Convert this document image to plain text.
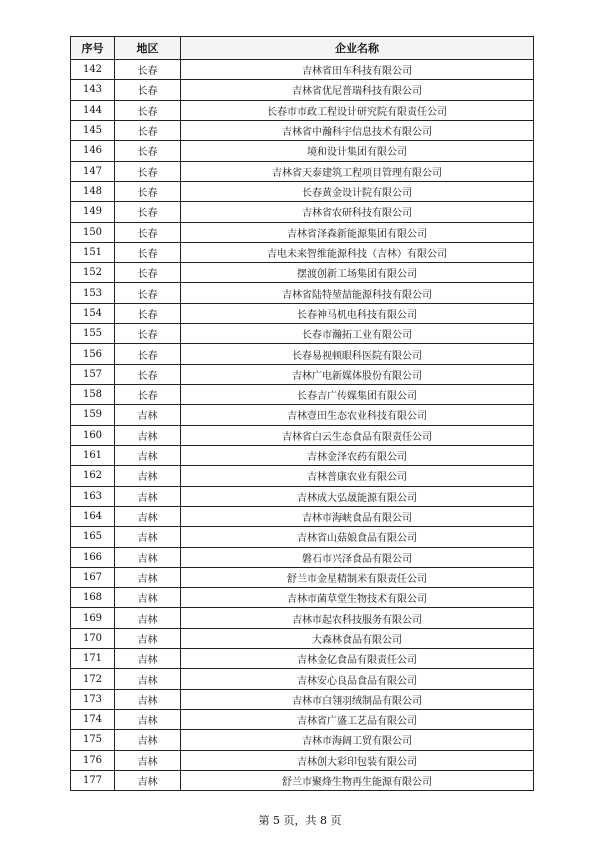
序号	地区	企业名称
142	长春	吉林省田车科技有限公司
143	长春	吉林省优尼普瑞科技有限公司
144	长春	长春市市政工程设计研究院有限责任公司
145	长春	吉林省中瀚科宇信息技术有限公司
146	长春	境和设计集团有限公司
147	长春	吉林省天泰建筑工程项目管理有限公司
148	长春	长春黄金设计院有限公司
149	长春	吉林省农研科技有限公司
150	长春	吉林省泽森新能源集团有限公司
151	长春	吉电未来智维能源科技（吉林）有限公司
152	长春	摆渡创新工场集团有限公司
153	长春	吉林省陆特堃喆能源科技有限公司
154	长春	长春神马机电科技有限公司
155	长春	长春市瀚拓工业有限公司
156	长春	长春易视顿眼科医院有限公司
157	长春	吉林广电新媒体股份有限公司
158	长春	长春吉广传媒集团有限公司
159	吉林	吉林壹田生态农业科技有限公司
160	吉林	吉林省白云生态食品有限责任公司
161	吉林	吉林金泽农药有限公司
162	吉林	吉林普康农业有限公司
163	吉林	吉林成大弘晟能源有限公司
164	吉林	吉林市海峡食品有限公司
165	吉林	吉林省山菇娘食品有限公司
166	吉林	磐石市兴泽食品有限公司
167	吉林	舒兰市金星精制米有限责任公司
168	吉林	吉林市菌草堂生物技术有限公司
169	吉林	吉林市起农科技服务有限公司
170	吉林	大森林食品有限公司
171	吉林	吉林金亿食品有限责任公司
172	吉林	吉林安心良品食品有限公司
173	吉林	吉林市白翎羽绒制品有限公司
174	吉林	吉林省广盛工艺品有限公司
175	吉林	吉林市海阔工贸有限公司
176	吉林	吉林创大彩印包装有限公司
177	吉林	舒兰市聚烽生物再生能源有限公司
第 5 页，共 8 页
